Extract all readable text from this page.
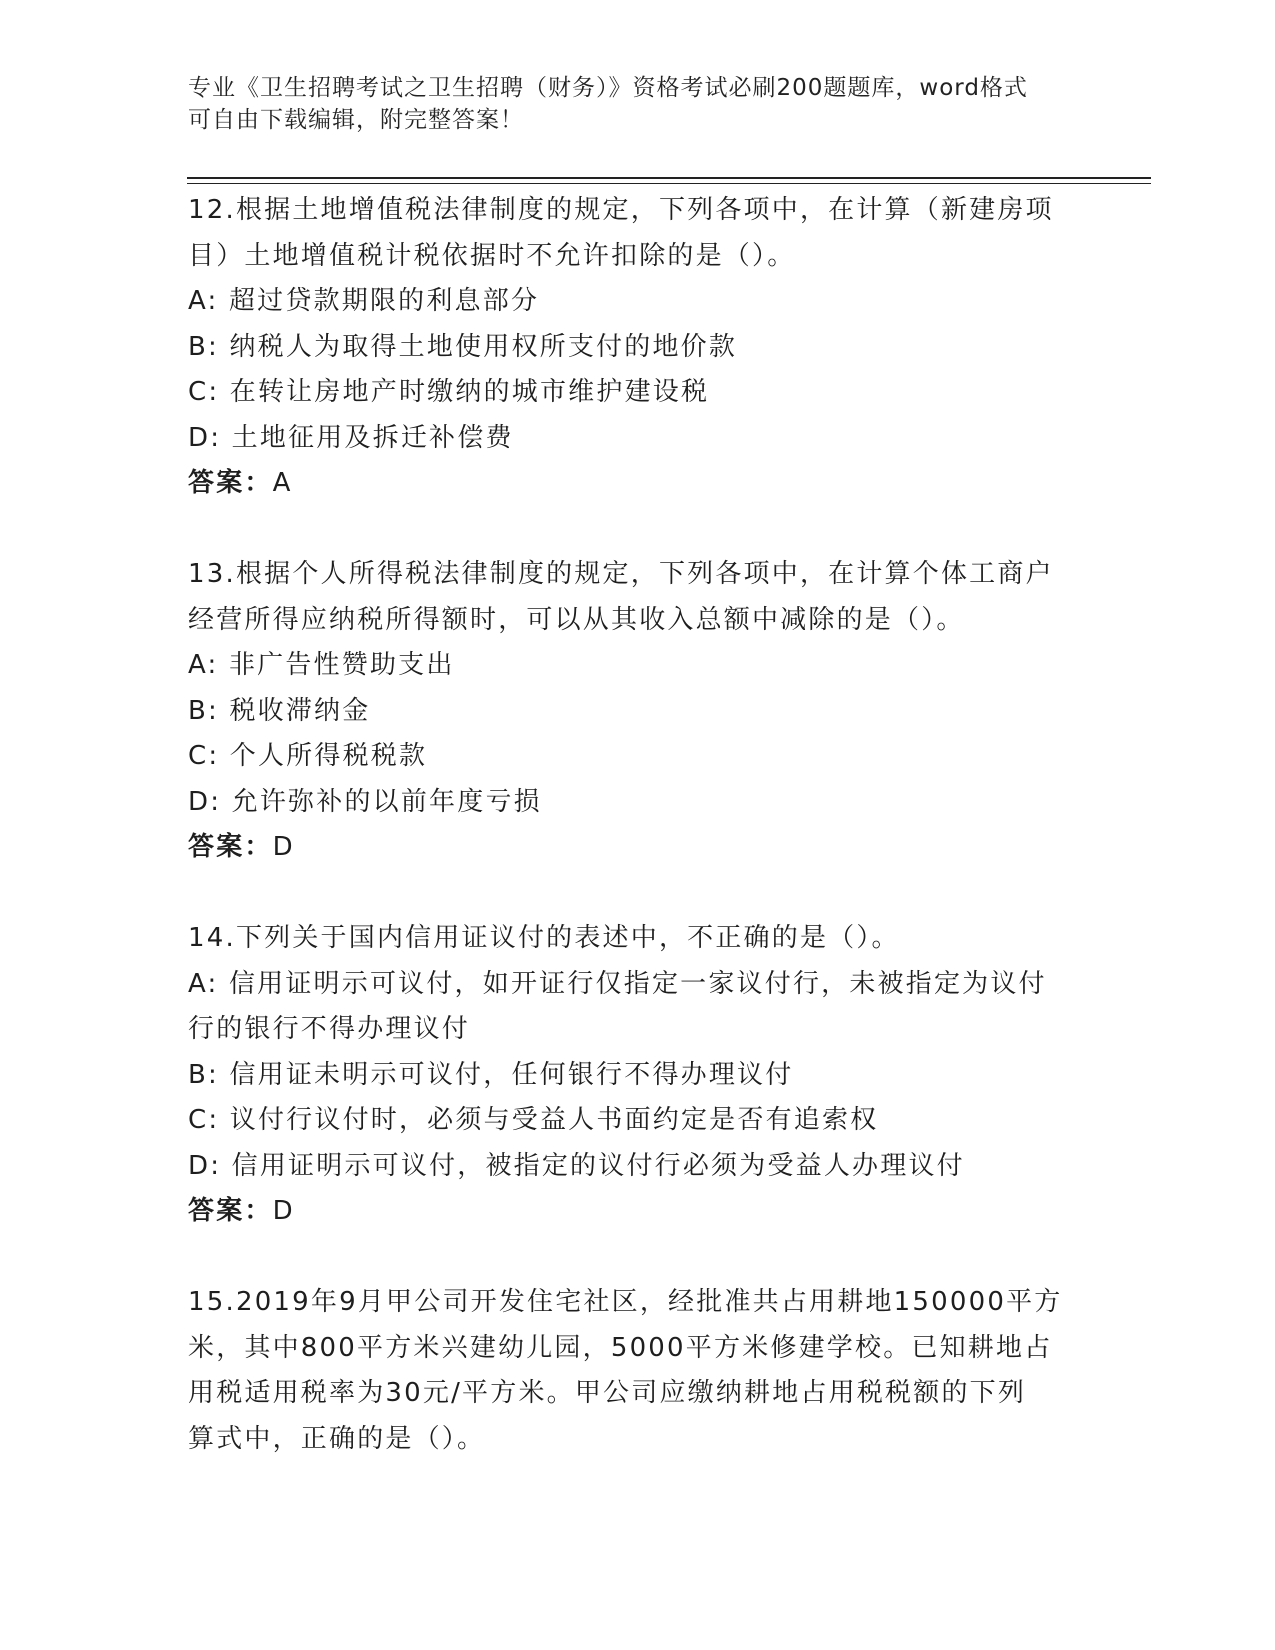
专业《卫生招聘考试之卫生招聘（财务）》资格考试必刷200题题库，word格式
可自由下载编辑，附完整答案！
12.根据土地增值税法律制度的规定，下列各项中，在计算（新建房项
目）土地增值税计税依据时不允许扣除的是（）。
A: 超过贷款期限的利息部分
B: 纳税人为取得土地使用权所支付的地价款
C: 在转让房地产时缴纳的城市维护建设税
D: 土地征用及拆迁补偿费
答案：A
13.根据个人所得税法律制度的规定，下列各项中，在计算个体工商户
经营所得应纳税所得额时，可以从其收入总额中减除的是（）。
A: 非广告性赞助支出
B: 税收滞纳金
C: 个人所得税税款
D: 允许弥补的以前年度亏损
答案：D
14.下列关于国内信用证议付的表述中，不正确的是（）。
A: 信用证明示可议付，如开证行仅指定一家议付行，未被指定为议付
行的银行不得办理议付
B: 信用证未明示可议付，任何银行不得办理议付
C: 议付行议付时，必须与受益人书面约定是否有追索权
D: 信用证明示可议付，被指定的议付行必须为受益人办理议付
答案：D
15.2019年9月甲公司开发住宅社区，经批准共占用耕地150000平方
米，其中800平方米兴建幼儿园，5000平方米修建学校。已知耕地占
用税适用税率为30元/平方米。甲公司应缴纳耕地占用税税额的下列
算式中，正确的是（）。
